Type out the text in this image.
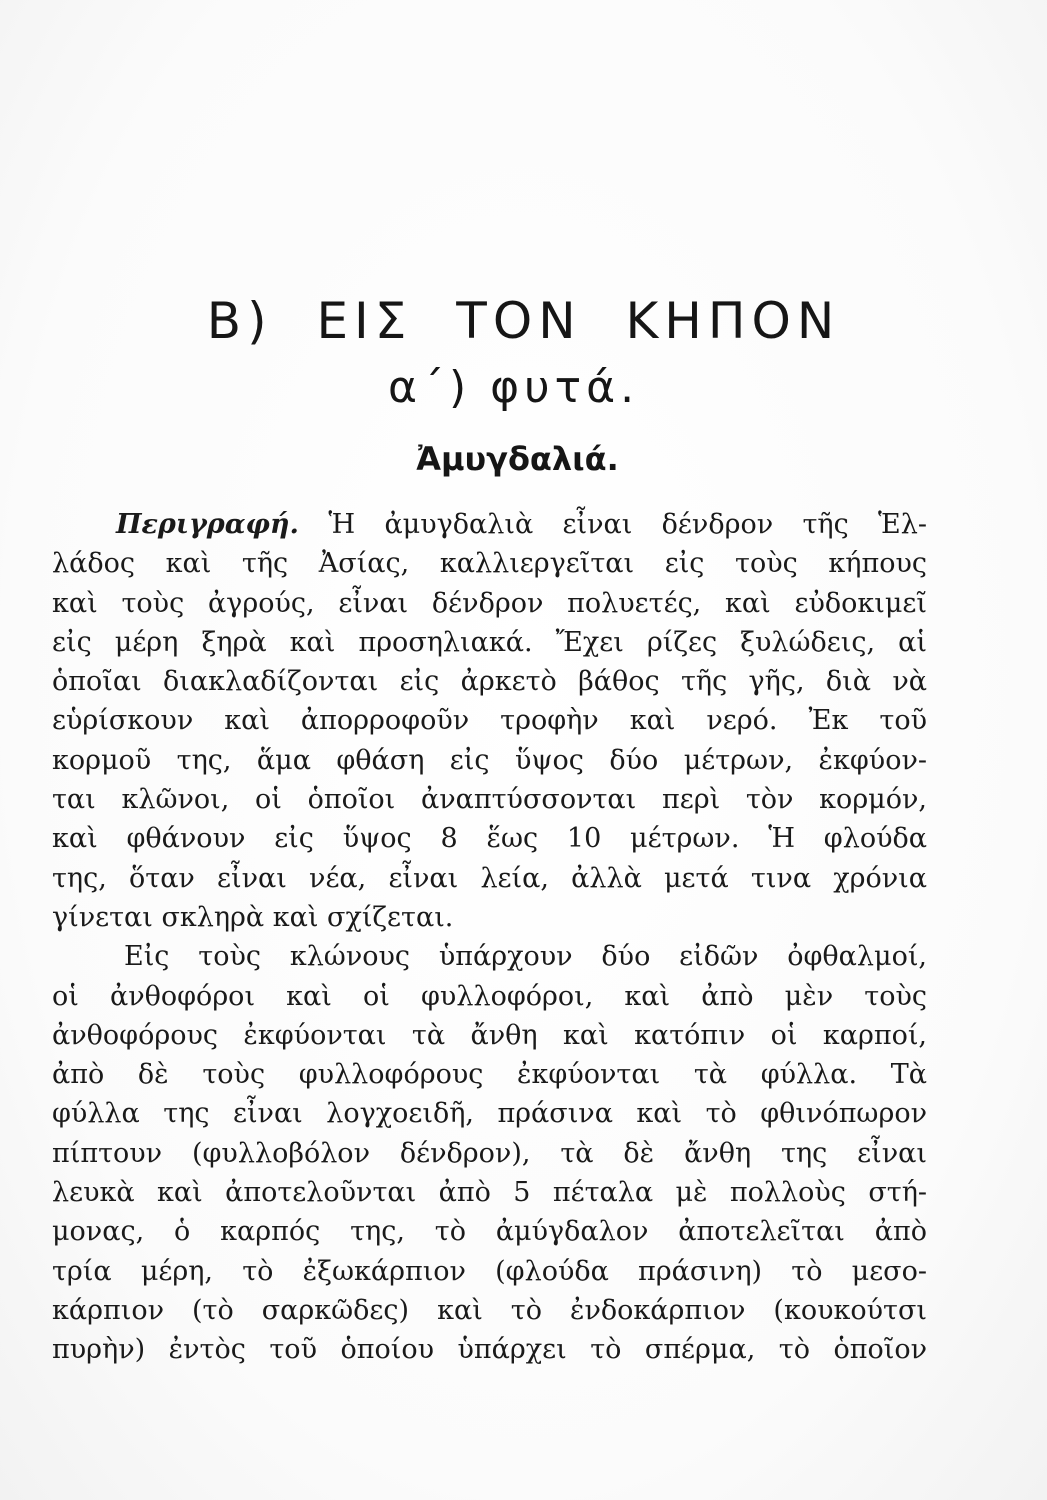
Β) ΕΙΣ ΤΟΝ ΚΗΠΟΝ
α΄) φυτά.
Ἀμυγδαλιά.
Περιγραφή. Ἡ ἀμυγδαλιὰ εἶναι δένδρον τῆς Ἑλ-
λάδος καὶ τῆς Ἀσίας, καλλιεργεῖται εἰς τοὺς κήπους
καὶ τοὺς ἀγρούς, εἶναι δένδρον πολυετές, καὶ εὐδοκιμεῖ
εἰς μέρη ξηρὰ καὶ προσηλιακά. Ἔχει ρίζες ξυλώδεις, αἱ
ὁποῖαι διακλαδίζονται εἰς ἀρκετὸ βάθος τῆς γῆς, διὰ νὰ
εὑρίσκουν καὶ ἀπορροφοῦν τροφὴν καὶ νερό. Ἐκ τοῦ
κορμοῦ της, ἅμα φθάση εἰς ὕψος δύο μέτρων, ἐκφύον-
ται κλῶνοι, οἱ ὁποῖοι ἀναπτύσσονται περὶ τὸν κορμόν,
καὶ φθάνουν εἰς ὕψος 8 ἕως 10 μέτρων. Ἡ φλούδα
της, ὅταν εἶναι νέα, εἶναι λεία, ἀλλὰ μετά τινα χρόνια
γίνεται σκληρὰ καὶ σχίζεται.
Εἰς τοὺς κλώνους ὑπάρχουν δύο εἰδῶν ὀφθαλμοί,
οἱ ἀνθοφόροι καὶ οἱ φυλλοφόροι, καὶ ἀπὸ μὲν τοὺς
ἀνθοφόρους ἐκφύονται τὰ ἄνθη καὶ κατόπιν οἱ καρποί,
ἀπὸ δὲ τοὺς φυλλοφόρους ἐκφύονται τὰ φύλλα. Τὰ
φύλλα της εἶναι λογχοειδῆ, πράσινα καὶ τὸ φθινόπωρον
πίπτουν (φυλλοβόλον δένδρον), τὰ δὲ ἄνθη της εἶναι
λευκὰ καὶ ἀποτελοῦνται ἀπὸ 5 πέταλα μὲ πολλοὺς στή-
μονας, ὁ καρπός της, τὸ ἀμύγδαλον ἀποτελεῖται ἀπὸ
τρία μέρη, τὸ ἐξωκάρπιον (φλούδα πράσινη) τὸ μεσο-
κάρπιον (τὸ σαρκῶδες) καὶ τὸ ἐνδοκάρπιον (κουκούτσι
πυρὴν) ἐντὸς τοῦ ὁποίου ὑπάρχει τὸ σπέρμα, τὸ ὁποῖον
